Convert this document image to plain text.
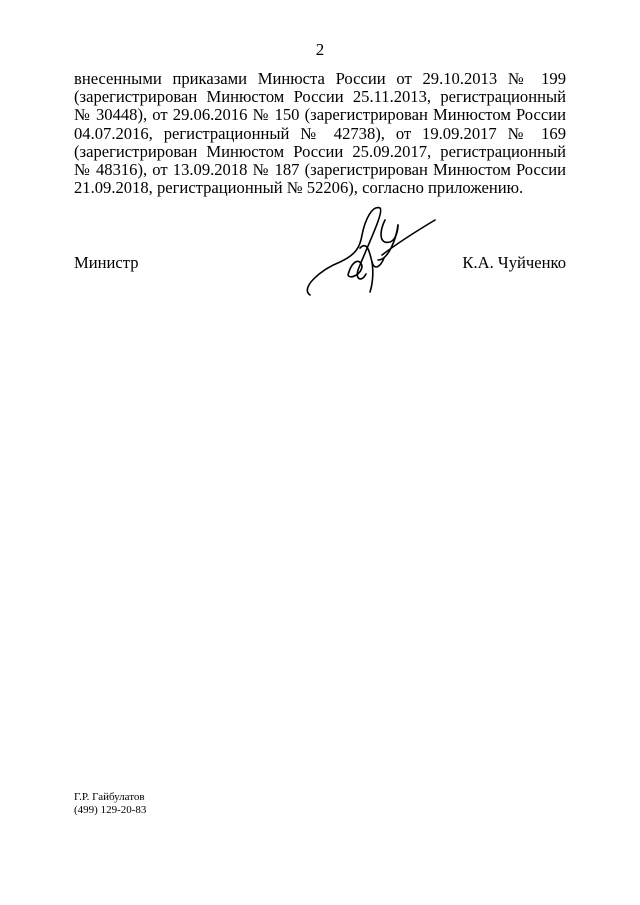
2
внесенными приказами Минюста России от 29.10.2013 № 199
(зарегистрирован Минюстом России 25.11.2013, регистрационный
№ 30448), от 29.06.2016 № 150 (зарегистрирован Минюстом России
04.07.2016, регистрационный № 42738), от 19.09.2017 № 169
(зарегистрирован Минюстом России 25.09.2017, регистрационный
№ 48316), от 13.09.2018 № 187 (зарегистрирован Минюстом России
21.09.2018, регистрационный № 52206), согласно приложению.
Министр	К.А. Чуйченко
Г.Р. Гайбулатов
(499) 129-20-83
